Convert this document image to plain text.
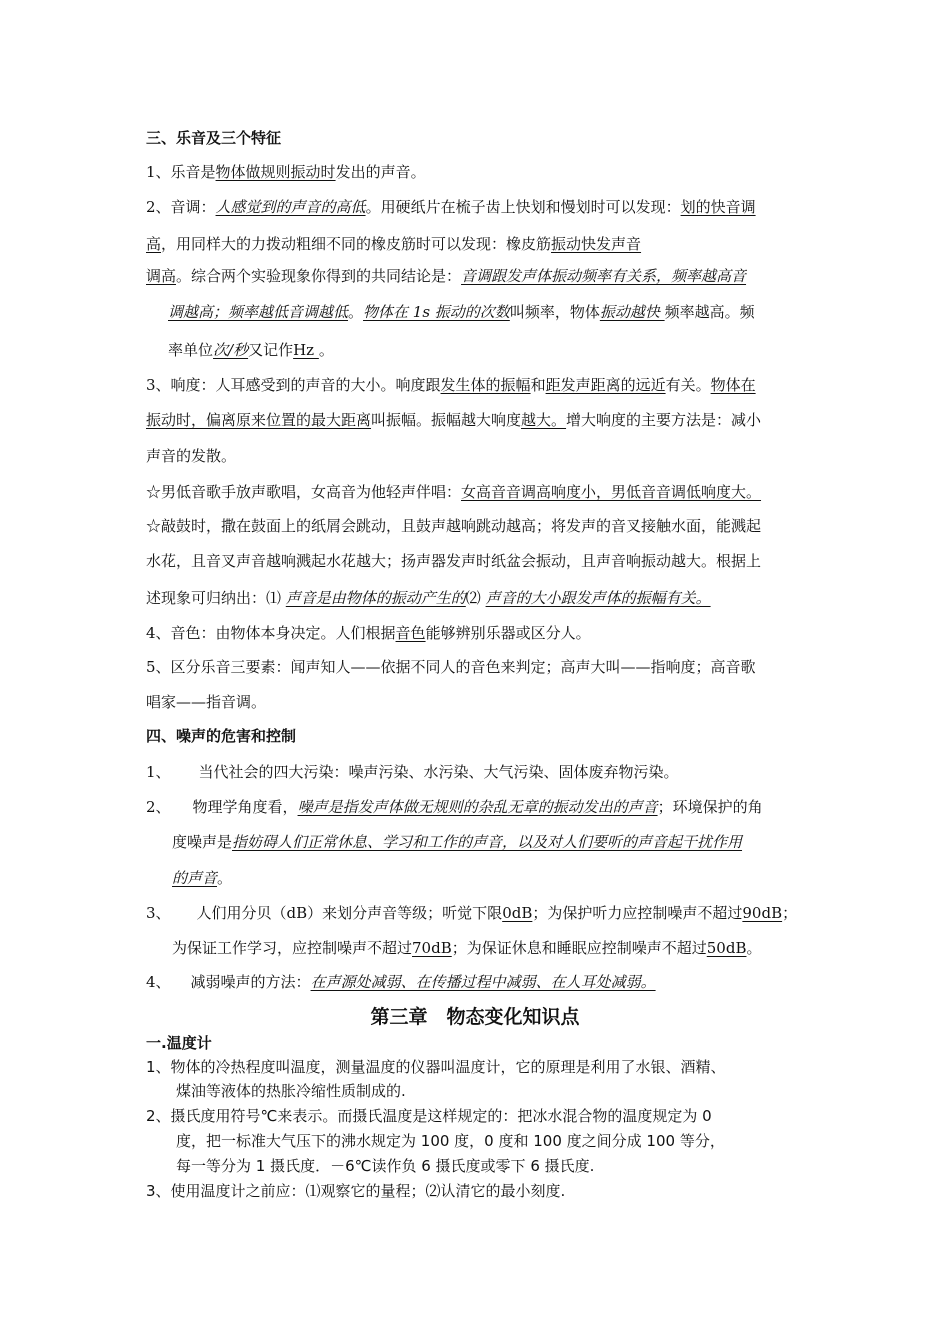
三、乐音及三个特征
1、乐音是物体做规则振动时发出的声音。
2、音调：人感觉到的声音的高低。用硬纸片在梳子齿上快划和慢划时可以发现：划的快音调
高，用同样大的力拨动粗细不同的橡皮筋时可以发现：橡皮筋振动快发声音
调高。综合两个实验现象你得到的共同结论是：音调跟发声体振动频率有关系，频率越高音
调越高；频率越低音调越低。物体在 1s 振动的次数叫频率，物体振动越快 频率越高。频
率单位次/秒又记作Hz 。
3、响度：人耳感受到的声音的大小。响度跟发生体的振幅和距发声距离的远近有关。物体在
振动时，偏离原来位置的最大距离叫振幅。振幅越大响度越大。增大响度的主要方法是：减小
声音的发散。
☆男低音歌手放声歌唱，女高音为他轻声伴唱：女高音音调高响度小，男低音音调低响度大。
☆敲鼓时，撒在鼓面上的纸屑会跳动，且鼓声越响跳动越高；将发声的音叉接触水面，能溅起
水花，且音叉声音越响溅起水花越大；扬声器发声时纸盆会振动，且声音响振动越大。根据上
述现象可归纳出：⑴ 声音是由物体的振动产生的⑵ 声音的大小跟发声体的振幅有关。
4、音色：由物体本身决定。人们根据音色能够辨别乐器或区分人。
5、区分乐音三要素：闻声知人——依据不同人的音色来判定；高声大叫——指响度；高音歌
唱家——指音调。
四、噪声的危害和控制
1、 当代社会的四大污染：噪声污染、水污染、大气污染、固体废弃物污染。
2、 物理学角度看，噪声是指发声体做无规则的杂乱无章的振动发出的声音；环境保护的角
度噪声是指妨碍人们正常休息、学习和工作的声音，以及对人们要听的声音起干扰作用
的声音。
3、 人们用分贝（dB）来划分声音等级；听觉下限0dB；为保护听力应控制噪声不超过90dB；
为保证工作学习，应控制噪声不超过70dB；为保证休息和睡眠应控制噪声不超过50dB。
4、 减弱噪声的方法：在声源处减弱、在传播过程中减弱、在人耳处减弱。
第三章　物态变化知识点
一.温度计
1、物体的冷热程度叫温度，测量温度的仪器叫温度计，它的原理是利用了水银、酒精、
煤油等液体的热胀冷缩性质制成的.
2、摄氏度用符号℃来表示。而摄氏温度是这样规定的：把冰水混合物的温度规定为 0
度，把一标准大气压下的沸水规定为 100 度，0 度和 100 度之间分成 100 等分，
每一等分为 1 摄氏度．－6℃读作负 6 摄氏度或零下 6 摄氏度.
3、使用温度计之前应：⑴观察它的量程；⑵认清它的最小刻度.
